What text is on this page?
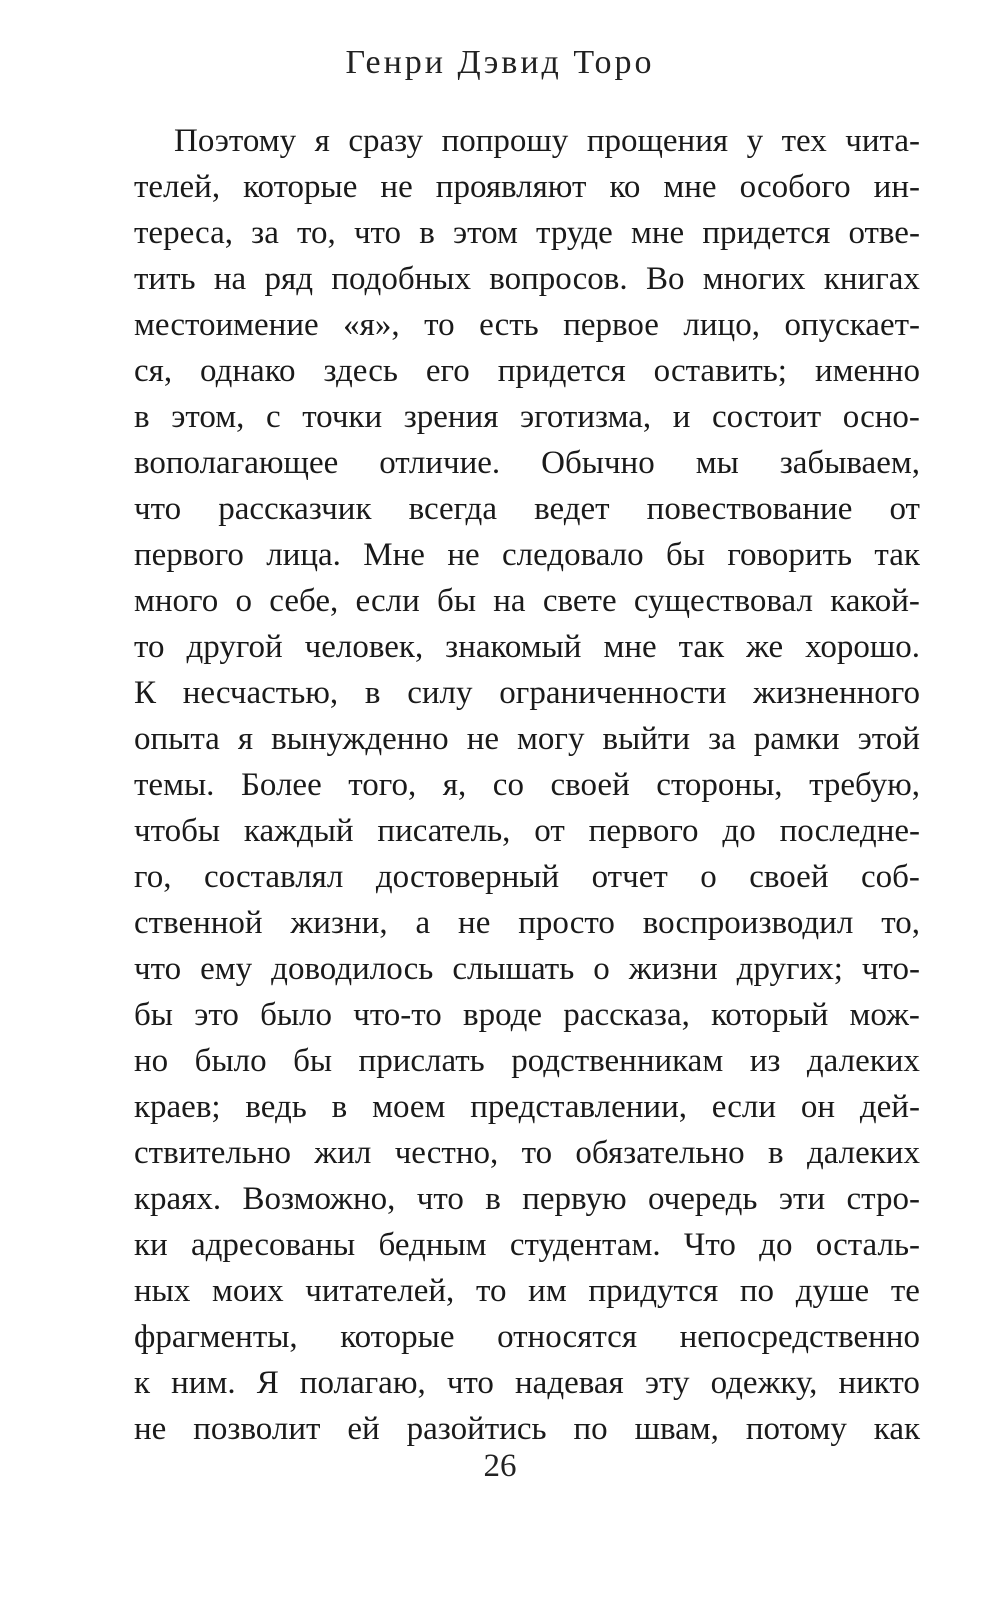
Генри Дэвид Торо
Поэтому я сразу попрошу прощения у тех чита-
телей, которые не проявляют ко мне особого ин-
тереса, за то, что в этом труде мне придется отве-
тить на ряд подобных вопросов. Во многих книгах
местоимение «я», то есть первое лицо, опускает-
ся, однако здесь его придется оставить; именно
в этом, с точки зрения эготизма, и состоит осно-
вополагающее отличие. Обычно мы забываем,
что рассказчик всегда ведет повествование от
первого лица. Мне не следовало бы говорить так
много о себе, если бы на свете существовал какой-
то другой человек, знакомый мне так же хорошо.
К несчастью, в силу ограниченности жизненного
опыта я вынужденно не могу выйти за рамки этой
темы. Более того, я, со своей стороны, требую,
чтобы каждый писатель, от первого до последне-
го, составлял достоверный отчет о своей соб-
ственной жизни, а не просто воспроизводил то,
что ему доводилось слышать о жизни других; что-
бы это было что-то вроде рассказа, который мож-
но было бы прислать родственникам из далеких
краев; ведь в моем представлении, если он дей-
ствительно жил честно, то обязательно в далеких
краях. Возможно, что в первую очередь эти стро-
ки адресованы бедным студентам. Что до осталь-
ных моих читателей, то им придутся по душе те
фрагменты, которые относятся непосредственно
к ним. Я полагаю, что надевая эту одежку, никто
не позволит ей разойтись по швам, потому как
26
